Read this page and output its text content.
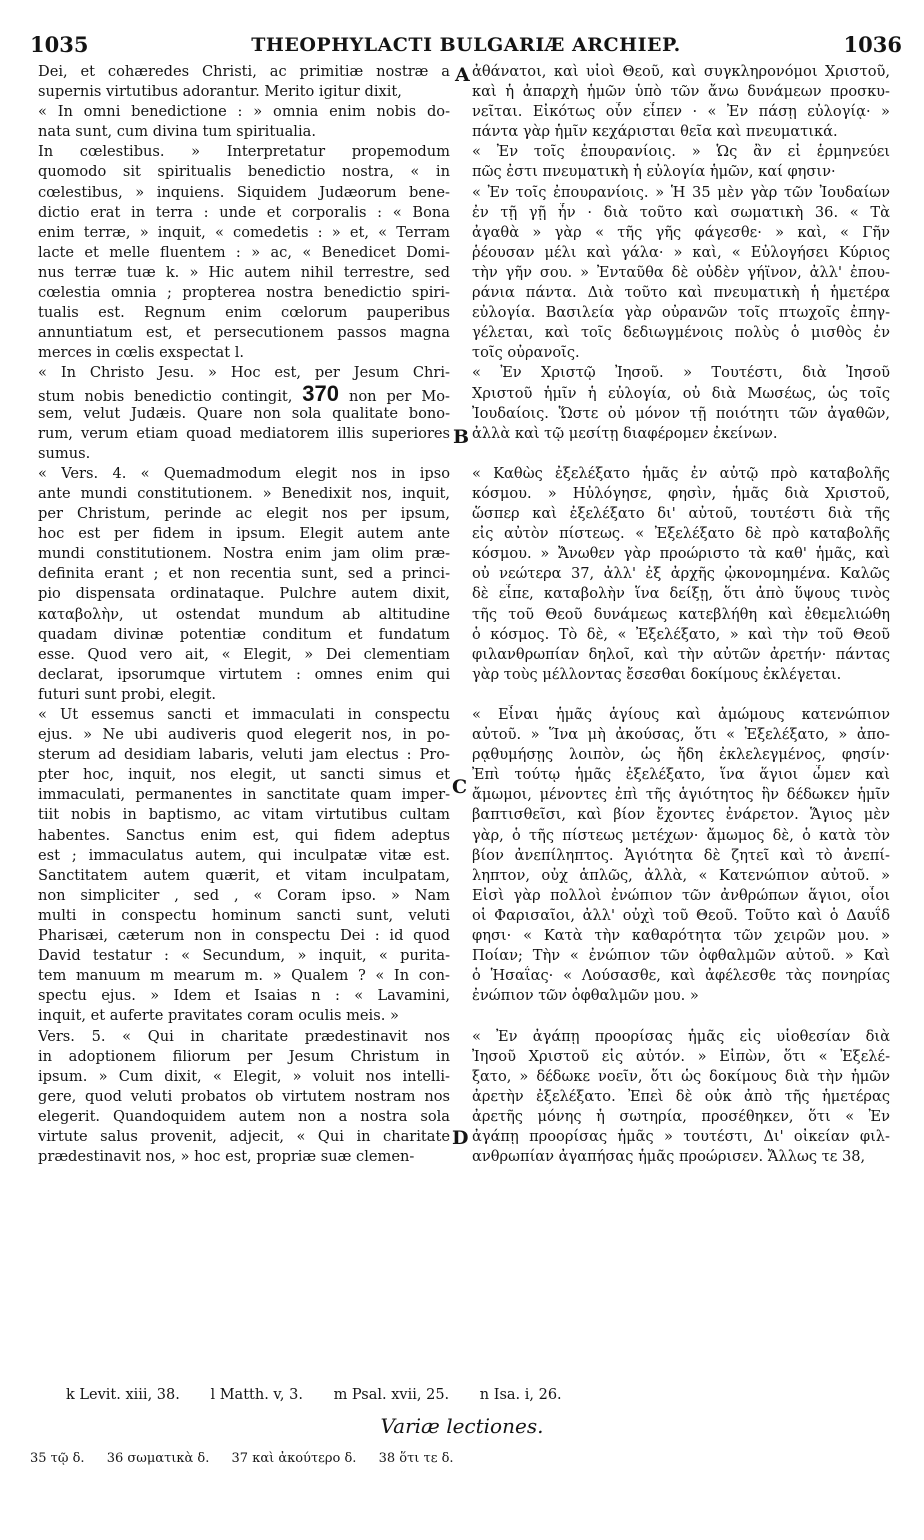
1035	THEOPHYLACTI BULGARIÆ ARCHIEP.	1036
Dei, et cohæredes Christi, ac primitiæ nostræ a
supernis virtutibus adorantur. Merito igitur dixit,
« In omni benedictione : » omnia enim nobis do-
nata sunt, cum divina tum spiritualia.
In cœlestibus. » Interpretatur propemodum
quomodo sit spiritualis benedictio nostra, « in
cœlestibus, » inquiens. Siquidem Judæorum bene-
dictio erat in terra : unde et corporalis : « Bona
enim terræ, » inquit, « comedetis : » et, « Terram
lacte et melle fluentem : » ac, « Benedicet Domi-
nus terræ tuæ k. » Hic autem nihil terrestre, sed
cœlestia omnia ; propterea nostra benedictio spiri-
tualis est. Regnum enim cœlorum pauperibus
annuntiatum est, et persecutionem passos magna
merces in cœlis exspectat l.
« In Christo Jesu. » Hoc est, per Jesum Chri-
stum nobis benedictio contingit, 370 non per Mo-
sem, velut Judæis. Quare non sola qualitate bono-
rum, verum etiam quoad mediatorem illis superiores
sumus.
« Vers. 4. « Quemadmodum elegit nos in ipso
ante mundi constitutionem. » Benedixit nos, inquit,
per Christum, perinde ac elegit nos per ipsum,
hoc est per fidem in ipsum. Elegit autem ante
mundi constitutionem. Nostra enim jam olim præ-
definita erant ; et non recentia sunt, sed a princi-
pio dispensata ordinataque. Pulchre autem dixit,
καταβολὴν, ut ostendat mundum ab altitudine
quadam divinæ potentiæ conditum et fundatum
esse. Quod vero ait, « Elegit, » Dei clementiam
declarat, ipsorumque virtutem : omnes enim qui
futuri sunt probi, elegit.
« Ut essemus sancti et immaculati in conspectu
ejus. » Ne ubi audiveris quod elegerit nos, in po-
sterum ad desidiam labaris, veluti jam electus : Pro-
pter hoc, inquit, nos elegit, ut sancti simus et
immaculati, permanentes in sanctitate quam imper-
tiit nobis in baptismo, ac vitam virtutibus cultam
habentes. Sanctus enim est, qui fidem adeptus
est ; immaculatus autem, qui inculpatæ vitæ est.
Sanctitatem autem quærit, et vitam inculpatam,
non simpliciter , sed , « Coram ipso. » Nam
multi in conspectu hominum sancti sunt, veluti
Pharisæi, cæterum non in conspectu Dei : id quod
David testatur : « Secundum, » inquit, « purita-
tem manuum m mearum m. » Qualem ? « In con-
spectu ejus. » Idem et Isaias n : « Lavamini,
inquit, et auferte pravitates coram oculis meis. »
Vers. 5. « Qui in charitate prædestinavit nos
in adoptionem filiorum per Jesum Christum in
ipsum. » Cum dixit, « Elegit, » voluit nos intelli-
gere, quod veluti probatos ob virtutem nostram nos
elegerit. Quandoquidem autem non a nostra sola
virtute salus provenit, adjecit, « Qui in charitate
prædestinavit nos, » hoc est, propriæ suæ clemen-
ἀθάνατοι, καὶ υἱοὶ Θεοῦ, καὶ συγκληρονόμοι Χριστοῦ,
καὶ ἡ ἀπαρχὴ ἡμῶν ὑπὸ τῶν ἄνω δυνάμεων προσκυ-
νεῖται. Εἰκότως οὖν εἶπεν · « Ἐν πάσῃ εὐλογίᾳ· »
πάντα γὰρ ἡμῖν κεχάρισται θεῖα καὶ πνευματικά.
« Ἐν τοῖς ἐπουρανίοις. » Ὡς ἂν εἰ ἑρμηνεύει
πῶς ἐστι πνευματικὴ ἡ εὐλογία ἡμῶν, καί φησιν·
« Ἐν τοῖς ἐπουρανίοις. » Ἡ 35 μὲν γὰρ τῶν Ἰουδαίων
ἐν τῇ γῇ ἦν · διὰ τοῦτο καὶ σωματικὴ 36. « Τὰ
ἀγαθὰ » γὰρ « τῆς γῆς φάγεσθε· » καὶ, « Γῆν
ῥέουσαν μέλι καὶ γάλα· » καὶ, « Εὐλογήσει Κύριος
τὴν γῆν σου. » Ἐνταῦθα δὲ οὐδὲν γήϊνον, ἀλλ' ἐπου-
ράνια πάντα. Διὰ τοῦτο καὶ πνευματικὴ ἡ ἡμετέρα
εὐλογία. Βασιλεία γὰρ οὐρανῶν τοῖς πτωχοῖς ἐπηγ-
γέλεται, καὶ τοῖς δεδιωγμένοις πολὺς ὁ μισθὸς ἐν
τοῖς οὐρανοῖς.
« Ἐν Χριστῷ Ἰησοῦ. » Τουτέστι, διὰ Ἰησοῦ
Χριστοῦ ἡμῖν ἡ εὐλογία, οὐ διὰ Μωσέως, ὡς τοῖς
Ἰουδαίοις. Ὥστε οὐ μόνον τῇ ποιότητι τῶν ἀγαθῶν,
ἀλλὰ καὶ τῷ μεσίτῃ διαφέρομεν ἐκείνων.
« Καθὼς ἐξελέξατο ἡμᾶς ἐν αὐτῷ πρὸ καταβολῆς
κόσμου. » Ηὐλόγησε, φησὶν, ἡμᾶς διὰ Χριστοῦ,
ὥσπερ καὶ ἐξελέξατο δι' αὐτοῦ, τουτέστι διὰ τῆς
εἰς αὐτὸν πίστεως. « Ἐξελέξατο δὲ πρὸ καταβολῆς
κόσμου. » Ἄνωθεν γὰρ προώριστο τὰ καθ' ἡμᾶς, καὶ
οὐ νεώτερα 37, ἀλλ' ἐξ ἀρχῆς ᾠκονομημένα. Καλῶς
δὲ εἶπε, καταβολὴν ἵνα δείξῃ, ὅτι ἀπὸ ὕψους τινὸς
τῆς τοῦ Θεοῦ δυνάμεως κατεβλήθη καὶ ἐθεμελιώθη
ὁ κόσμος. Τὸ δὲ, « Ἐξελέξατο, » καὶ τὴν τοῦ Θεοῦ
φιλανθρωπίαν δηλοῖ, καὶ τὴν αὐτῶν ἀρετήν· πάντας
γὰρ τοὺς μέλλοντας ἔσεσθαι δοκίμους ἐκλέγεται.
« Εἶναι ἡμᾶς ἁγίους καὶ ἀμώμους κατενώπιον
αὐτοῦ. » Ἵνα μὴ ἀκούσας, ὅτι « Ἐξελέξατο, » ἀπο-
ρᾳθυμήσῃς λοιπὸν, ὡς ἤδη ἐκλελεγμένος, φησίν·
Ἐπὶ τούτῳ ἡμᾶς ἐξελέξατο, ἵνα ἅγιοι ὦμεν καὶ
ἄμωμοι, μένοντες ἐπὶ τῆς ἁγιότητος ἣν δέδωκεν ἡμῖν
βαπτισθεῖσι, καὶ βίον ἔχοντες ἐνάρετον. Ἅγιος μὲν
γὰρ, ὁ τῆς πίστεως μετέχων· ἄμωμος δὲ, ὁ κατὰ τὸν
βίον ἀνεπίληπτος. Ἁγιότητα δὲ ζητεῖ καὶ τὸ ἀνεπί-
ληπτον, οὐχ ἁπλῶς, ἀλλὰ, « Κατενώπιον αὐτοῦ. »
Εἰσὶ γὰρ πολλοὶ ἐνώπιον τῶν ἀνθρώπων ἅγιοι, οἷοι
οἱ Φαρισαῖοι, ἀλλ' οὐχὶ τοῦ Θεοῦ. Τοῦτο καὶ ὁ Δαυΐδ
φησι· « Κατὰ τὴν καθαρότητα τῶν χειρῶν μου. »
Ποίαν; Τὴν « ἐνώπιον τῶν ὀφθαλμῶν αὐτοῦ. » Καὶ
ὁ Ἡσαΐας· « Λούσασθε, καὶ ἀφέλεσθε τὰς πονηρίας
ἐνώπιον τῶν ὀφθαλμῶν μου. »
« Ἐν ἀγάπῃ προορίσας ἡμᾶς εἰς υἱοθεσίαν διὰ
Ἰησοῦ Χριστοῦ εἰς αὐτόν. » Εἰπὼν, ὅτι « Ἐξελέ-
ξατο, » δέδωκε νοεῖν, ὅτι ὡς δοκίμους διὰ τὴν ἡμῶν
ἀρετὴν ἐξελέξατο. Ἐπεὶ δὲ οὐκ ἀπὸ τῆς ἡμετέρας
ἀρετῆς μόνης ἡ σωτηρία, προσέθηκεν, ὅτι « Ἐν
ἀγάπῃ προορίσας ἡμᾶς » τουτέστι, Δι' οἰκείαν φιλ-
ανθρωπίαν ἀγαπήσας ἡμᾶς προώρισεν. Ἄλλως τε 38,
A
B
C
D
k Levit. xiii, 38. l Matth. v, 3. m Psal. xvii, 25. n Isa. i, 26.
Variæ lectiones.
35 τῷ δ. 36 σωματικὰ δ. 37 καὶ ἀκούτερο δ. 38 ὅτι τε δ.
